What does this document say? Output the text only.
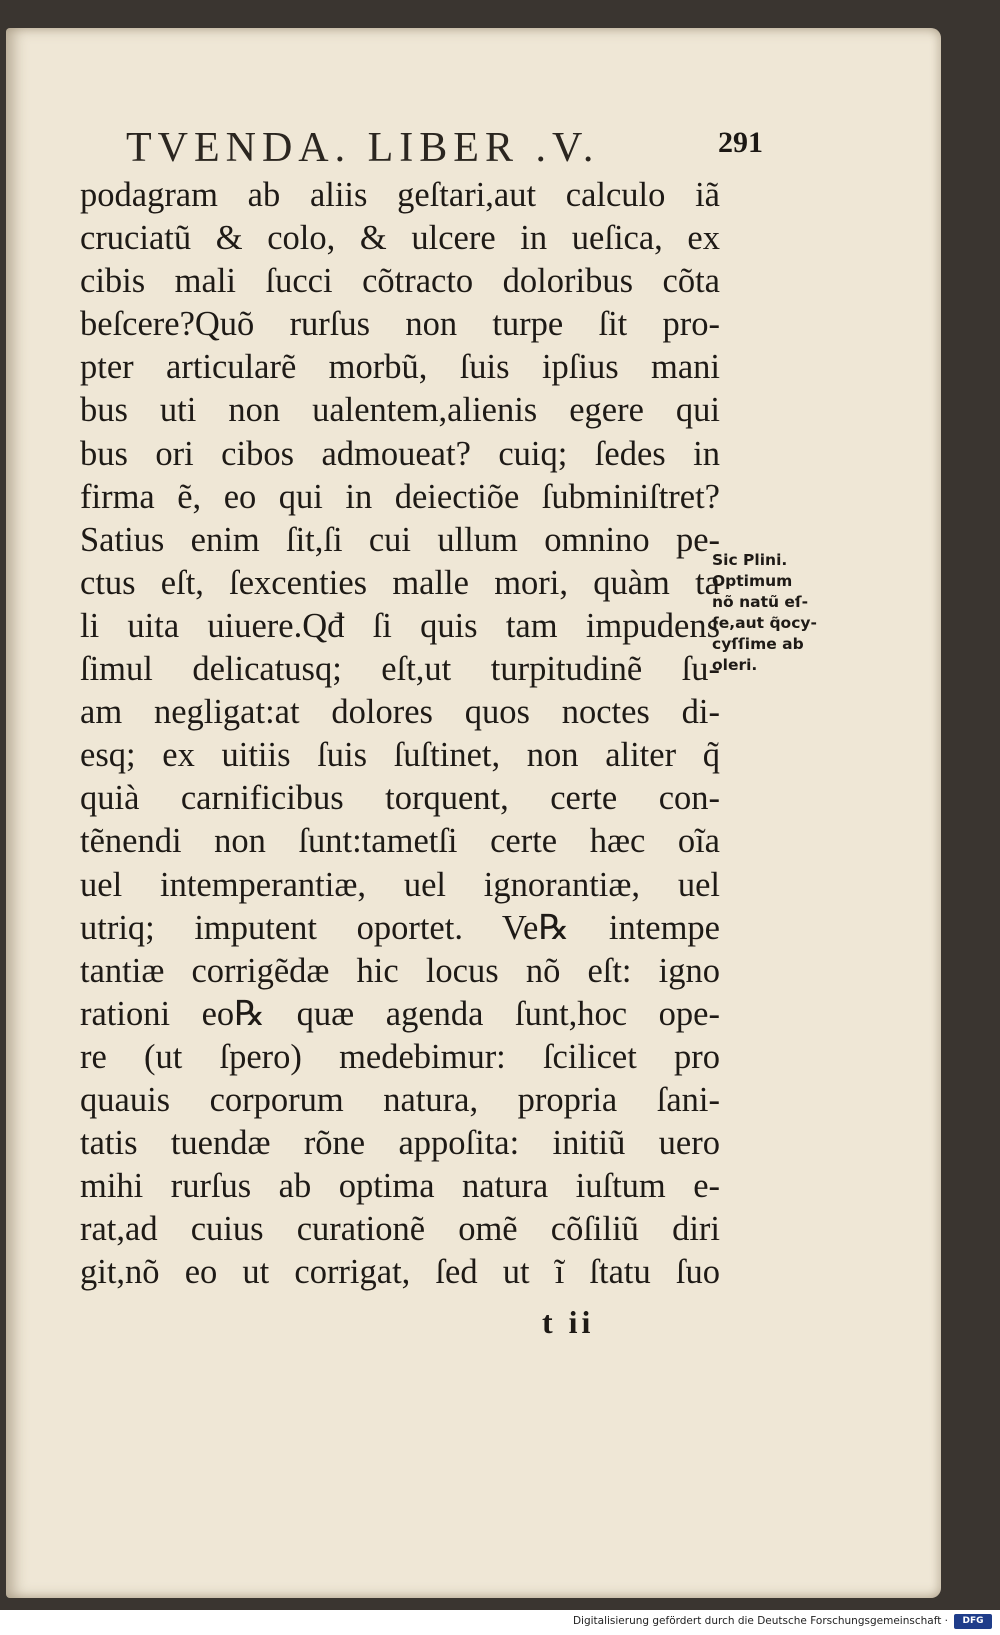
TVENDA. LIBER .V.	291
podagram ab aliis geſtari,aut calculo iã
cruciatũ & colo, & ulcere in ueſica, ex
cibis mali ſucci cõtracto doloribus cõta
beſcere?Quõ rurſus non turpe ſit pro‑
pter articularẽ morbũ, ſuis ipſius mani
bus uti non ualentem,alienis egere qui
bus ori cibos admoueat? cuiq; ſedes in
firma ẽ, eo qui in deiectiõe ſubminiſtret?
Satius enim ſit,ſi cui ullum omnino pe‑
ctus eſt, ſexcenties malle mori, quàm ta
li uita uiuere.Qđ ſi quis tam impudens
ſimul delicatusq; eſt,ut turpitudinẽ ſu‑
am negligat:at dolores quos noctes di‑
esq; ex uitiis ſuis ſuſtinet, non aliter q̃
quià carnificibus torquent, certe con‑
tẽnendi non ſunt:tametſi certe hæc oĩa
uel intemperantiæ, uel ignorantiæ, uel
utriq; imputent oportet. Ve℞ intempe
tantiæ corrigẽdæ hic locus nõ eſt: igno
rationi eo℞ quæ agenda ſunt,hoc ope‑
re (ut ſpero) medebimur: ſcilicet pro
quauis corporum natura, propria ſani‑
tatis tuendæ rõne appoſita: initiũ uero
mihi rurſus ab optima natura iuſtum e‑
rat,ad cuius curationẽ omẽ cõſiliũ diri
git,nõ eo ut corrigat, ſed ut ĩ ſtatu ſuo
Sic Plini.
Optimum
nõ natũ eſ‑
ſe,aut q̃ocy‑
cyſſime ab
oleri.
t ii
Digitalisierung gefördert durch die Deutsche Forschungsgemeinschaft ·	DFG
